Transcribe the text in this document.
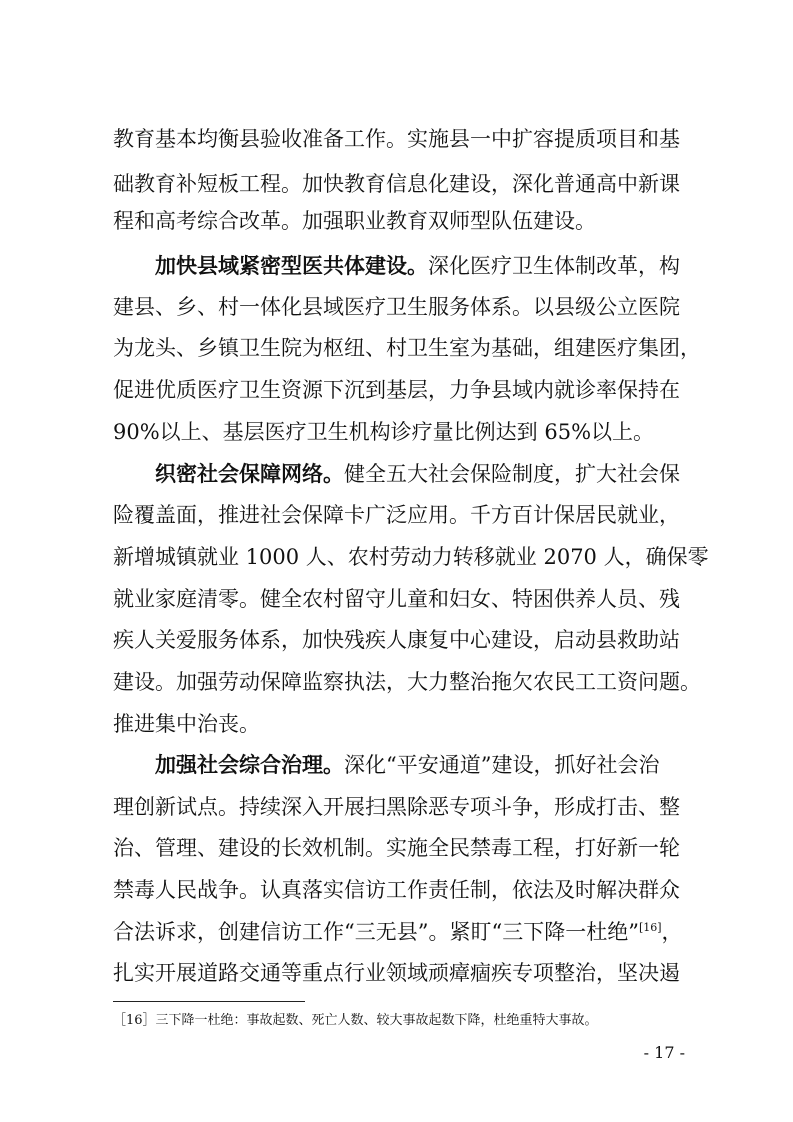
教育基本均衡县验收准备工作。实施县一中扩容提质项目和基
础教育补短板工程。加快教育信息化建设，深化普通高中新课
程和高考综合改革。加强职业教育双师型队伍建设。
加快县域紧密型医共体建设。深化医疗卫生体制改革，构
建县、乡、村一体化县域医疗卫生服务体系。以县级公立医院
为龙头、乡镇卫生院为枢纽、村卫生室为基础，组建医疗集团，
促进优质医疗卫生资源下沉到基层，力争县域内就诊率保持在
90%以上、基层医疗卫生机构诊疗量比例达到 65%以上。
织密社会保障网络。健全五大社会保险制度，扩大社会保
险覆盖面，推进社会保障卡广泛应用。千方百计保居民就业，
新增城镇就业 1000 人、农村劳动力转移就业 2070 人，确保零
就业家庭清零。健全农村留守儿童和妇女、特困供养人员、残
疾人关爱服务体系，加快残疾人康复中心建设，启动县救助站
建设。加强劳动保障监察执法，大力整治拖欠农民工工资问题。
推进集中治丧。
加强社会综合治理。深化“平安通道”建设，抓好社会治
理创新试点。持续深入开展扫黑除恶专项斗争，形成打击、整
治、管理、建设的长效机制。实施全民禁毒工程，打好新一轮
禁毒人民战争。认真落实信访工作责任制，依法及时解决群众
合法诉求，创建信访工作“三无县”。紧盯“三下降一杜绝”[16]，
扎实开展道路交通等重点行业领域顽瘴痼疾专项整治，坚决遏
［16］三下降一杜绝：事故起数、死亡人数、较大事故起数下降，杜绝重特大事故。
- 17 -
